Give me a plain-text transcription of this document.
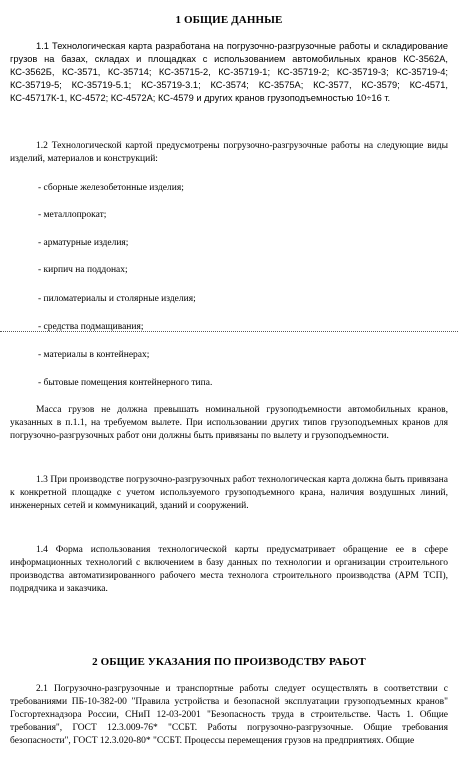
1 ОБЩИЕ ДАННЫЕ

1.1 Технологическая карта разработана на погрузочно-разгрузочные работы и складирование грузов на базах, складах и площадках с использованием автомобильных кранов КС-3562А, КС-3562Б, КС-3571, КС-35714; КС-35715-2, КС-35719-1; КС-35719-2; КС-35719-3; КС-35719-4; КС-35719-5; КС-35719-5.1; КС-35719-3.1; КС-3574; КС-3575А; КС-3577, КС-3579; КС-4571, КС-45717К-1, КС-4572; КС-4572А; КС-4579 и других кранов грузоподъемностью 10÷16 т.

1.2 Технологической картой предусмотрены погрузочно-разгрузочные работы на следующие виды изделий, материалов и конструкций:

- сборные железобетонные изделия;
- металлопрокат;
- арматурные изделия;
- кирпич на поддонах;
- пиломатериалы и столярные изделия;
- средства подмащивания;
- материалы в контейнерах;
- бытовые помещения контейнерного типа.

Масса грузов не должна превышать номинальной грузоподъемности автомобильных кранов, указанных в п.1.1, на требуемом вылете. При использовании других типов грузоподъемных кранов для погрузочно-разгрузочных работ они должны быть привязаны по вылету и грузоподъемности.

1.3 При производстве погрузочно-разгрузочных работ технологическая карта должна быть привязана к конкретной площадке с учетом используемого грузоподъемного крана, наличия воздушных линий, инженерных сетей и коммуникаций, зданий и сооружений.

1.4 Форма использования технологической карты предусматривает обращение ее в сфере информационных технологий с включением в базу данных по технологии и организации строительного производства автоматизированного рабочего места технолога строительного производства (АРМ ТСП), подрядчика и заказчика.

2 ОБЩИЕ УКАЗАНИЯ ПО ПРОИЗВОДСТВУ РАБОТ

2.1 Погрузочно-разгрузочные и транспортные работы следует осуществлять в соответствии с требованиями ПБ-10-382-00 "Правила устройства и безопасной эксплуатации грузоподъемных кранов" Госгортехнадзора России, СНиП 12-03-2001 "Безопасность труда в строительстве. Часть 1. Общие требования", ГОСТ 12.3.009-76* "ССБТ. Работы погрузочно-разгрузочные. Общие требования безопасности", ГОСТ 12.3.020-80* "ССБТ. Процессы перемещения грузов на предприятиях. Общие
